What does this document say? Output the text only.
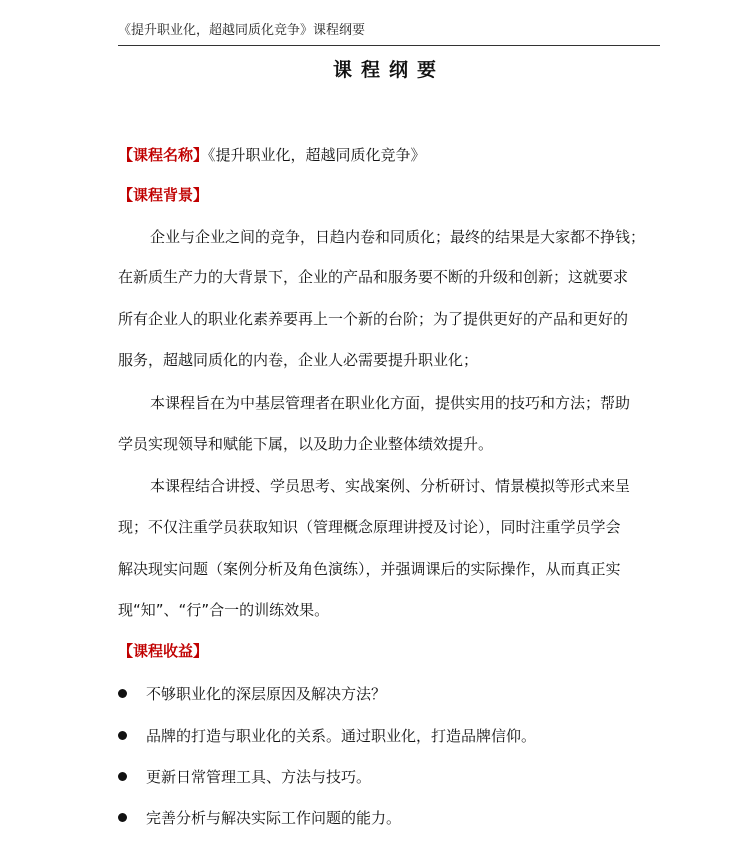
《提升职业化，超越同质化竞争》课程纲要
课程纲要
【课程名称】《提升职业化，超越同质化竞争》
【课程背景】
企业与企业之间的竞争，日趋内卷和同质化；最终的结果是大家都不挣钱；
在新质生产力的大背景下，企业的产品和服务要不断的升级和创新；这就要求
所有企业人的职业化素养要再上一个新的台阶；为了提供更好的产品和更好的
服务，超越同质化的内卷，企业人必需要提升职业化；
本课程旨在为中基层管理者在职业化方面，提供实用的技巧和方法；帮助
学员实现领导和赋能下属，以及助力企业整体绩效提升。
本课程结合讲授、学员思考、实战案例、分析研讨、情景模拟等形式来呈
现；不仅注重学员获取知识（管理概念原理讲授及讨论），同时注重学员学会
解决现实问题（案例分析及角色演练），并强调课后的实际操作，从而真正实
现“知”、“行”合一的训练效果。
【课程收益】
不够职业化的深层原因及解决方法？
品牌的打造与职业化的关系。通过职业化，打造品牌信仰。
更新日常管理工具、方法与技巧。
完善分析与解决实际工作问题的能力。
